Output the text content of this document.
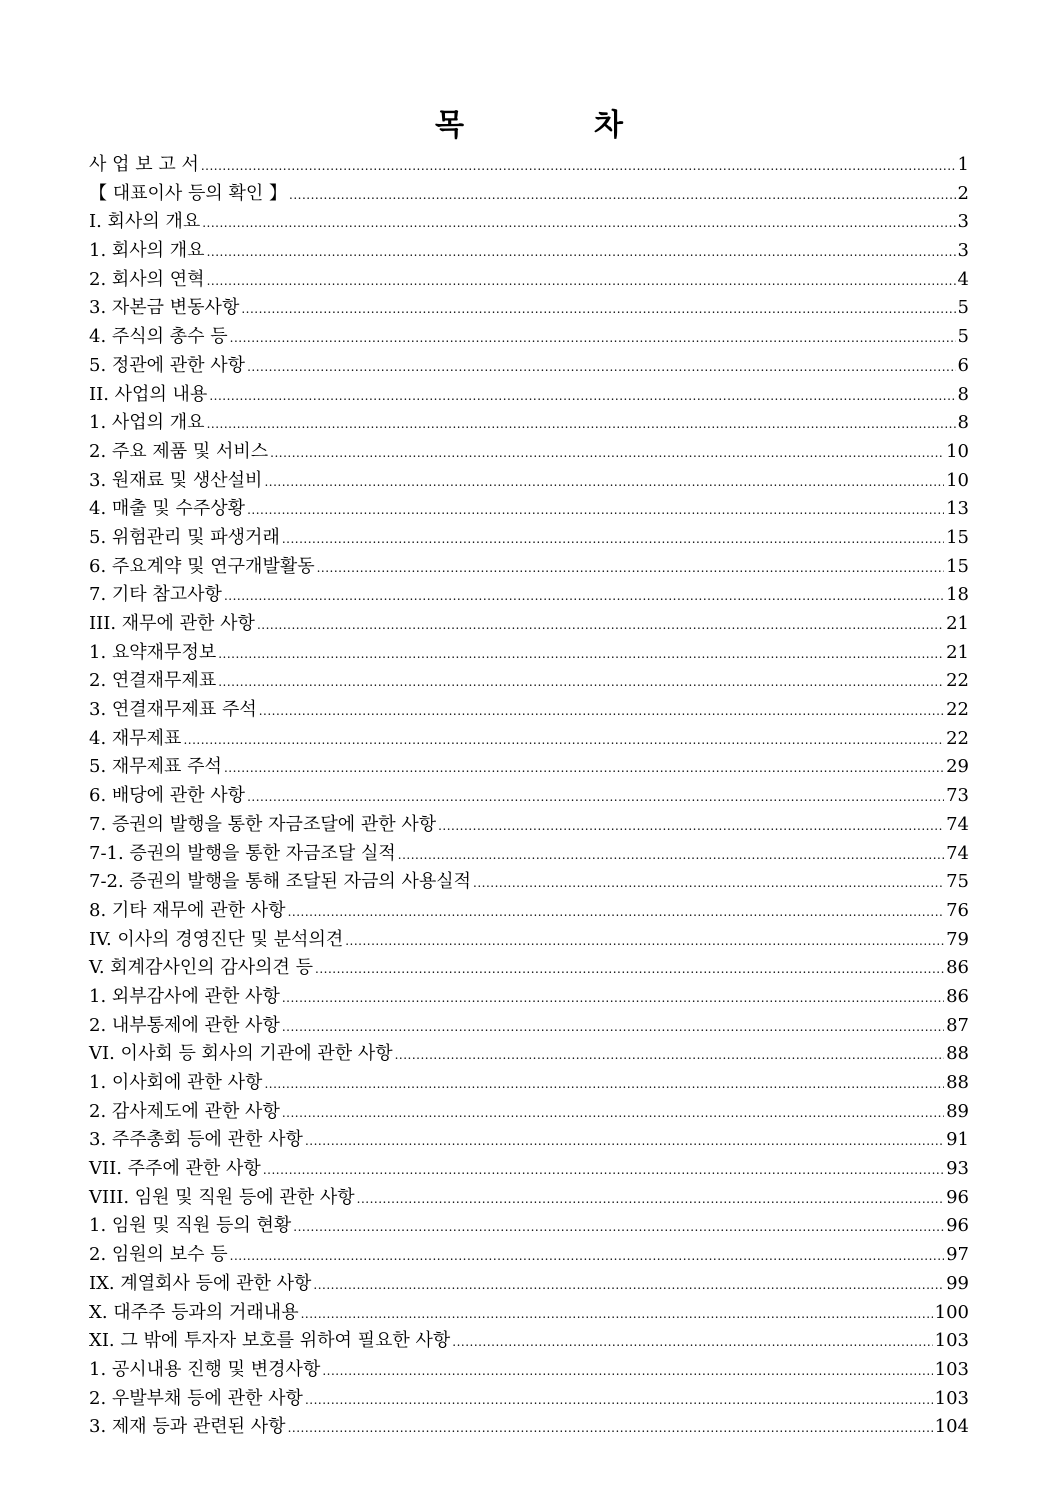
목	차
사 업 보 고 서 .....	1
【 대표이사 등의 확인 】 .....	2
I. 회사의 개요 .....	3
1. 회사의 개요 .....	3
2. 회사의 연혁 .....	4
3. 자본금 변동사항 .....	5
4. 주식의 총수 등 .....	5
5. 정관에 관한 사항 .....	6
II. 사업의 내용 .....	8
1. 사업의 개요 .....	8
2. 주요 제품 및 서비스 .....	10
3. 원재료 및 생산설비 .....	10
4. 매출 및 수주상황 .....	13
5. 위험관리 및 파생거래 .....	15
6. 주요계약 및 연구개발활동 .....	15
7. 기타 참고사항 .....	18
III. 재무에 관한 사항 .....	21
1. 요약재무정보 .....	21
2. 연결재무제표 .....	22
3. 연결재무제표 주석 .....	22
4. 재무제표 .....	22
5. 재무제표 주석 .....	29
6. 배당에 관한 사항 .....	73
7. 증권의 발행을 통한 자금조달에 관한 사항 .....	74
7-1. 증권의 발행을 통한 자금조달 실적 .....	74
7-2. 증권의 발행을 통해 조달된 자금의 사용실적 .....	75
8. 기타 재무에 관한 사항 .....	76
IV. 이사의 경영진단 및 분석의견 .....	79
V. 회계감사인의 감사의견 등 .....	86
1. 외부감사에 관한 사항 .....	86
2. 내부통제에 관한 사항 .....	87
VI. 이사회 등 회사의 기관에 관한 사항 .....	88
1. 이사회에 관한 사항 .....	88
2. 감사제도에 관한 사항 .....	89
3. 주주총회 등에 관한 사항 .....	91
VII. 주주에 관한 사항 .....	93
VIII. 임원 및 직원 등에 관한 사항 .....	96
1. 임원 및 직원 등의 현황 .....	96
2. 임원의 보수 등 .....	97
IX. 계열회사 등에 관한 사항 .....	99
X. 대주주 등과의 거래내용 .....	100
XI. 그 밖에 투자자 보호를 위하여 필요한 사항 .....	103
1. 공시내용 진행 및 변경사항 .....	103
2. 우발부채 등에 관한 사항 .....	103
3. 제재 등과 관련된 사항 .....	104
